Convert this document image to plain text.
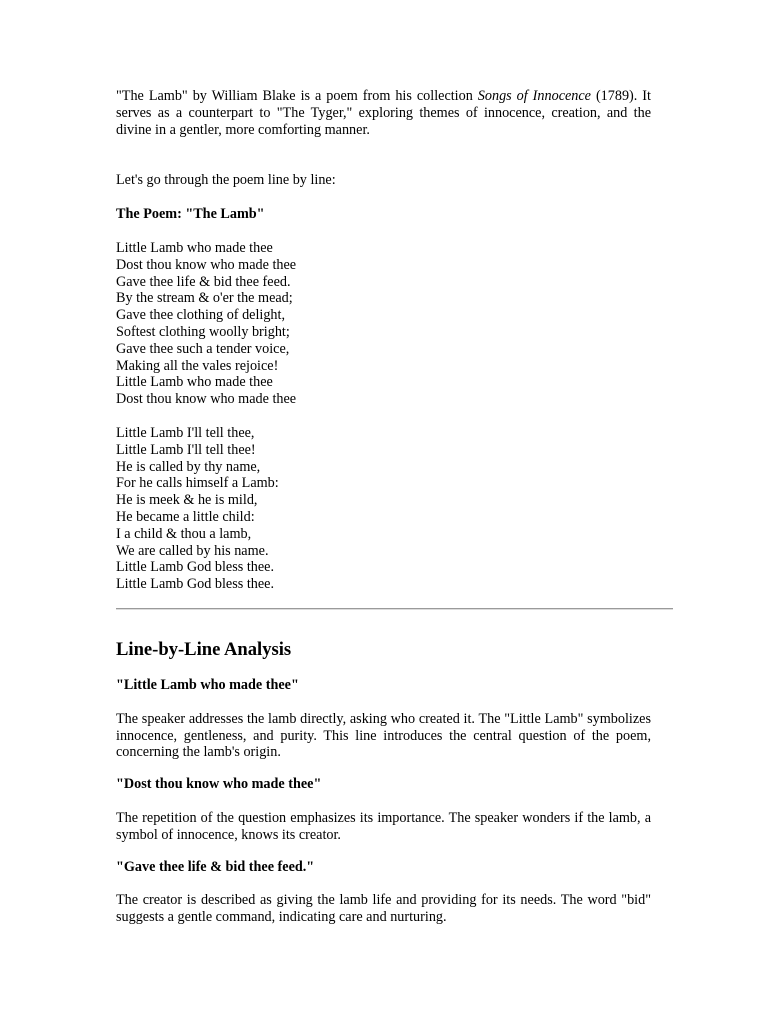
"The Lamb" by William Blake is a poem from his collection Songs of Innocence (1789). It serves as a counterpart to "The Tyger," exploring themes of innocence, creation, and the divine in a gentler, more comforting manner.

Let's go through the poem line by line:

The Poem: "The Lamb"

Little Lamb who made thee
Dost thou know who made thee
Gave thee life & bid thee feed.
By the stream & o'er the mead;
Gave thee clothing of delight,
Softest clothing woolly bright;
Gave thee such a tender voice,
Making all the vales rejoice!
Little Lamb who made thee
Dost thou know who made thee
Little Lamb I'll tell thee,
Little Lamb I'll tell thee!
He is called by thy name,
For he calls himself a Lamb:
He is meek & he is mild,
He became a little child:
I a child & thou a lamb,
We are called by his name.
Little Lamb God bless thee.
Little Lamb God bless thee.
Line-by-Line Analysis

"Little Lamb who made thee"

The speaker addresses the lamb directly, asking who created it. The "Little Lamb" symbolizes innocence, gentleness, and purity. This line introduces the central question of the poem, concerning the lamb's origin.

"Dost thou know who made thee"

The repetition of the question emphasizes its importance. The speaker wonders if the lamb, a symbol of innocence, knows its creator.

"Gave thee life & bid thee feed."

The creator is described as giving the lamb life and providing for its needs. The word "bid" suggests a gentle command, indicating care and nurturing.
